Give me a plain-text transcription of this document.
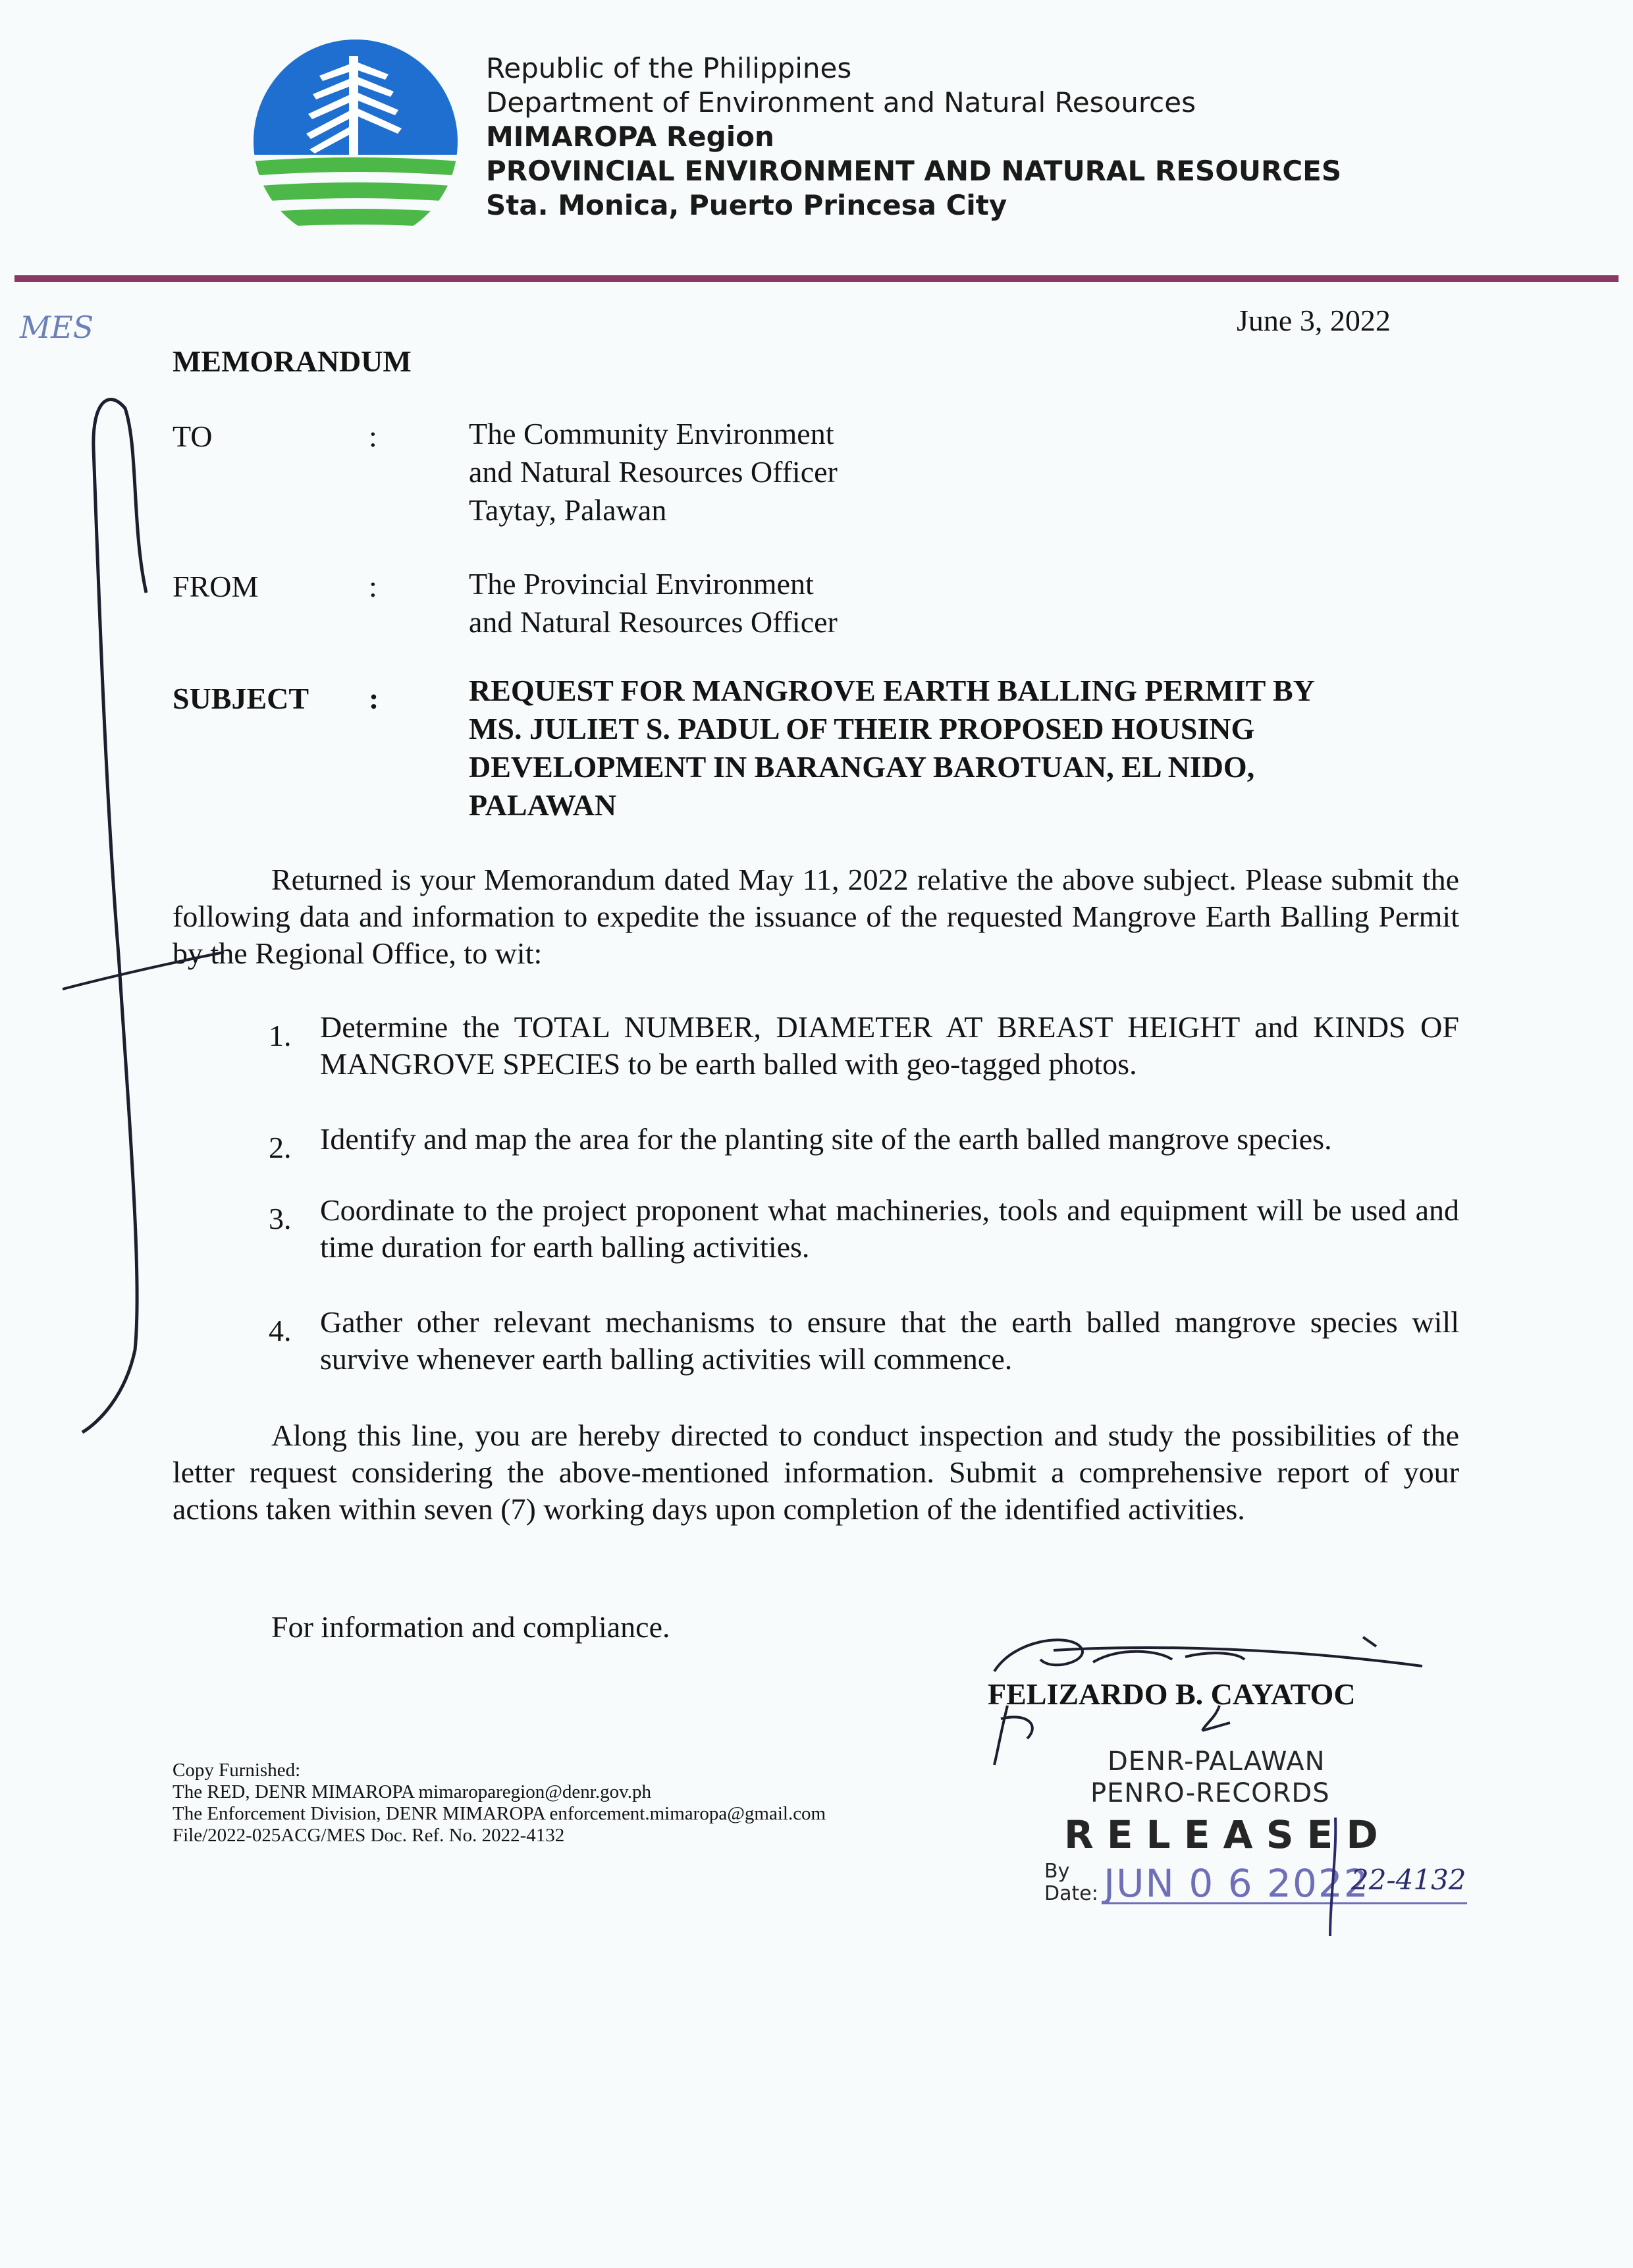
Republic of the Philippines
Department of Environment and Natural Resources
MIMAROPA Region
PROVINCIAL ENVIRONMENT AND NATURAL RESOURCES
Sta. Monica, Puerto Princesa City
MES	June 3, 2022
MEMORANDUM
TO	:	The Community Environment
and Natural Resources Officer
Taytay, Palawan
FROM	:	The Provincial Environment
and Natural Resources Officer
SUBJECT :	REQUEST FOR MANGROVE EARTH BALLING PERMIT BY
MS. JULIET S. PADUL OF THEIR PROPOSED HOUSING
DEVELOPMENT IN BARANGAY BAROTUAN, EL NIDO,
PALAWAN
Returned is your Memorandum dated May 11, 2022 relative the above subject. Please submit the following data and information to expedite the issuance of the requested Mangrove Earth Balling Permit by the Regional Office, to wit:
1. Determine the TOTAL NUMBER, DIAMETER AT BREAST HEIGHT and KINDS OF MANGROVE SPECIES to be earth balled with geo-tagged photos.
2. Identify and map the area for the planting site of the earth balled mangrove species.
3. Coordinate to the project proponent what machineries, tools and equipment will be used and time duration for earth balling activities.
4. Gather other relevant mechanisms to ensure that the earth balled mangrove species will survive whenever earth balling activities will commence.
Along this line, you are hereby directed to conduct inspection and study the possibilities of the letter request considering the above-mentioned information. Submit a comprehensive report of your actions taken within seven (7) working days upon completion of the identified activities.
For information and compliance.
FELIZARDO B. CAYATOC
Copy Furnished:
The RED, DENR MIMAROPA mimaroparegion@denr.gov.ph
The Enforcement Division, DENR MIMAROPA enforcement.mimaropa@gmail.com
File/2022-025ACG/MES Doc. Ref. No. 2022-4132
DENR-PALAWAN
PENRO-RECORDS
R E L E A S E D
By
Date: JUN 0 6 2022
22-4132
